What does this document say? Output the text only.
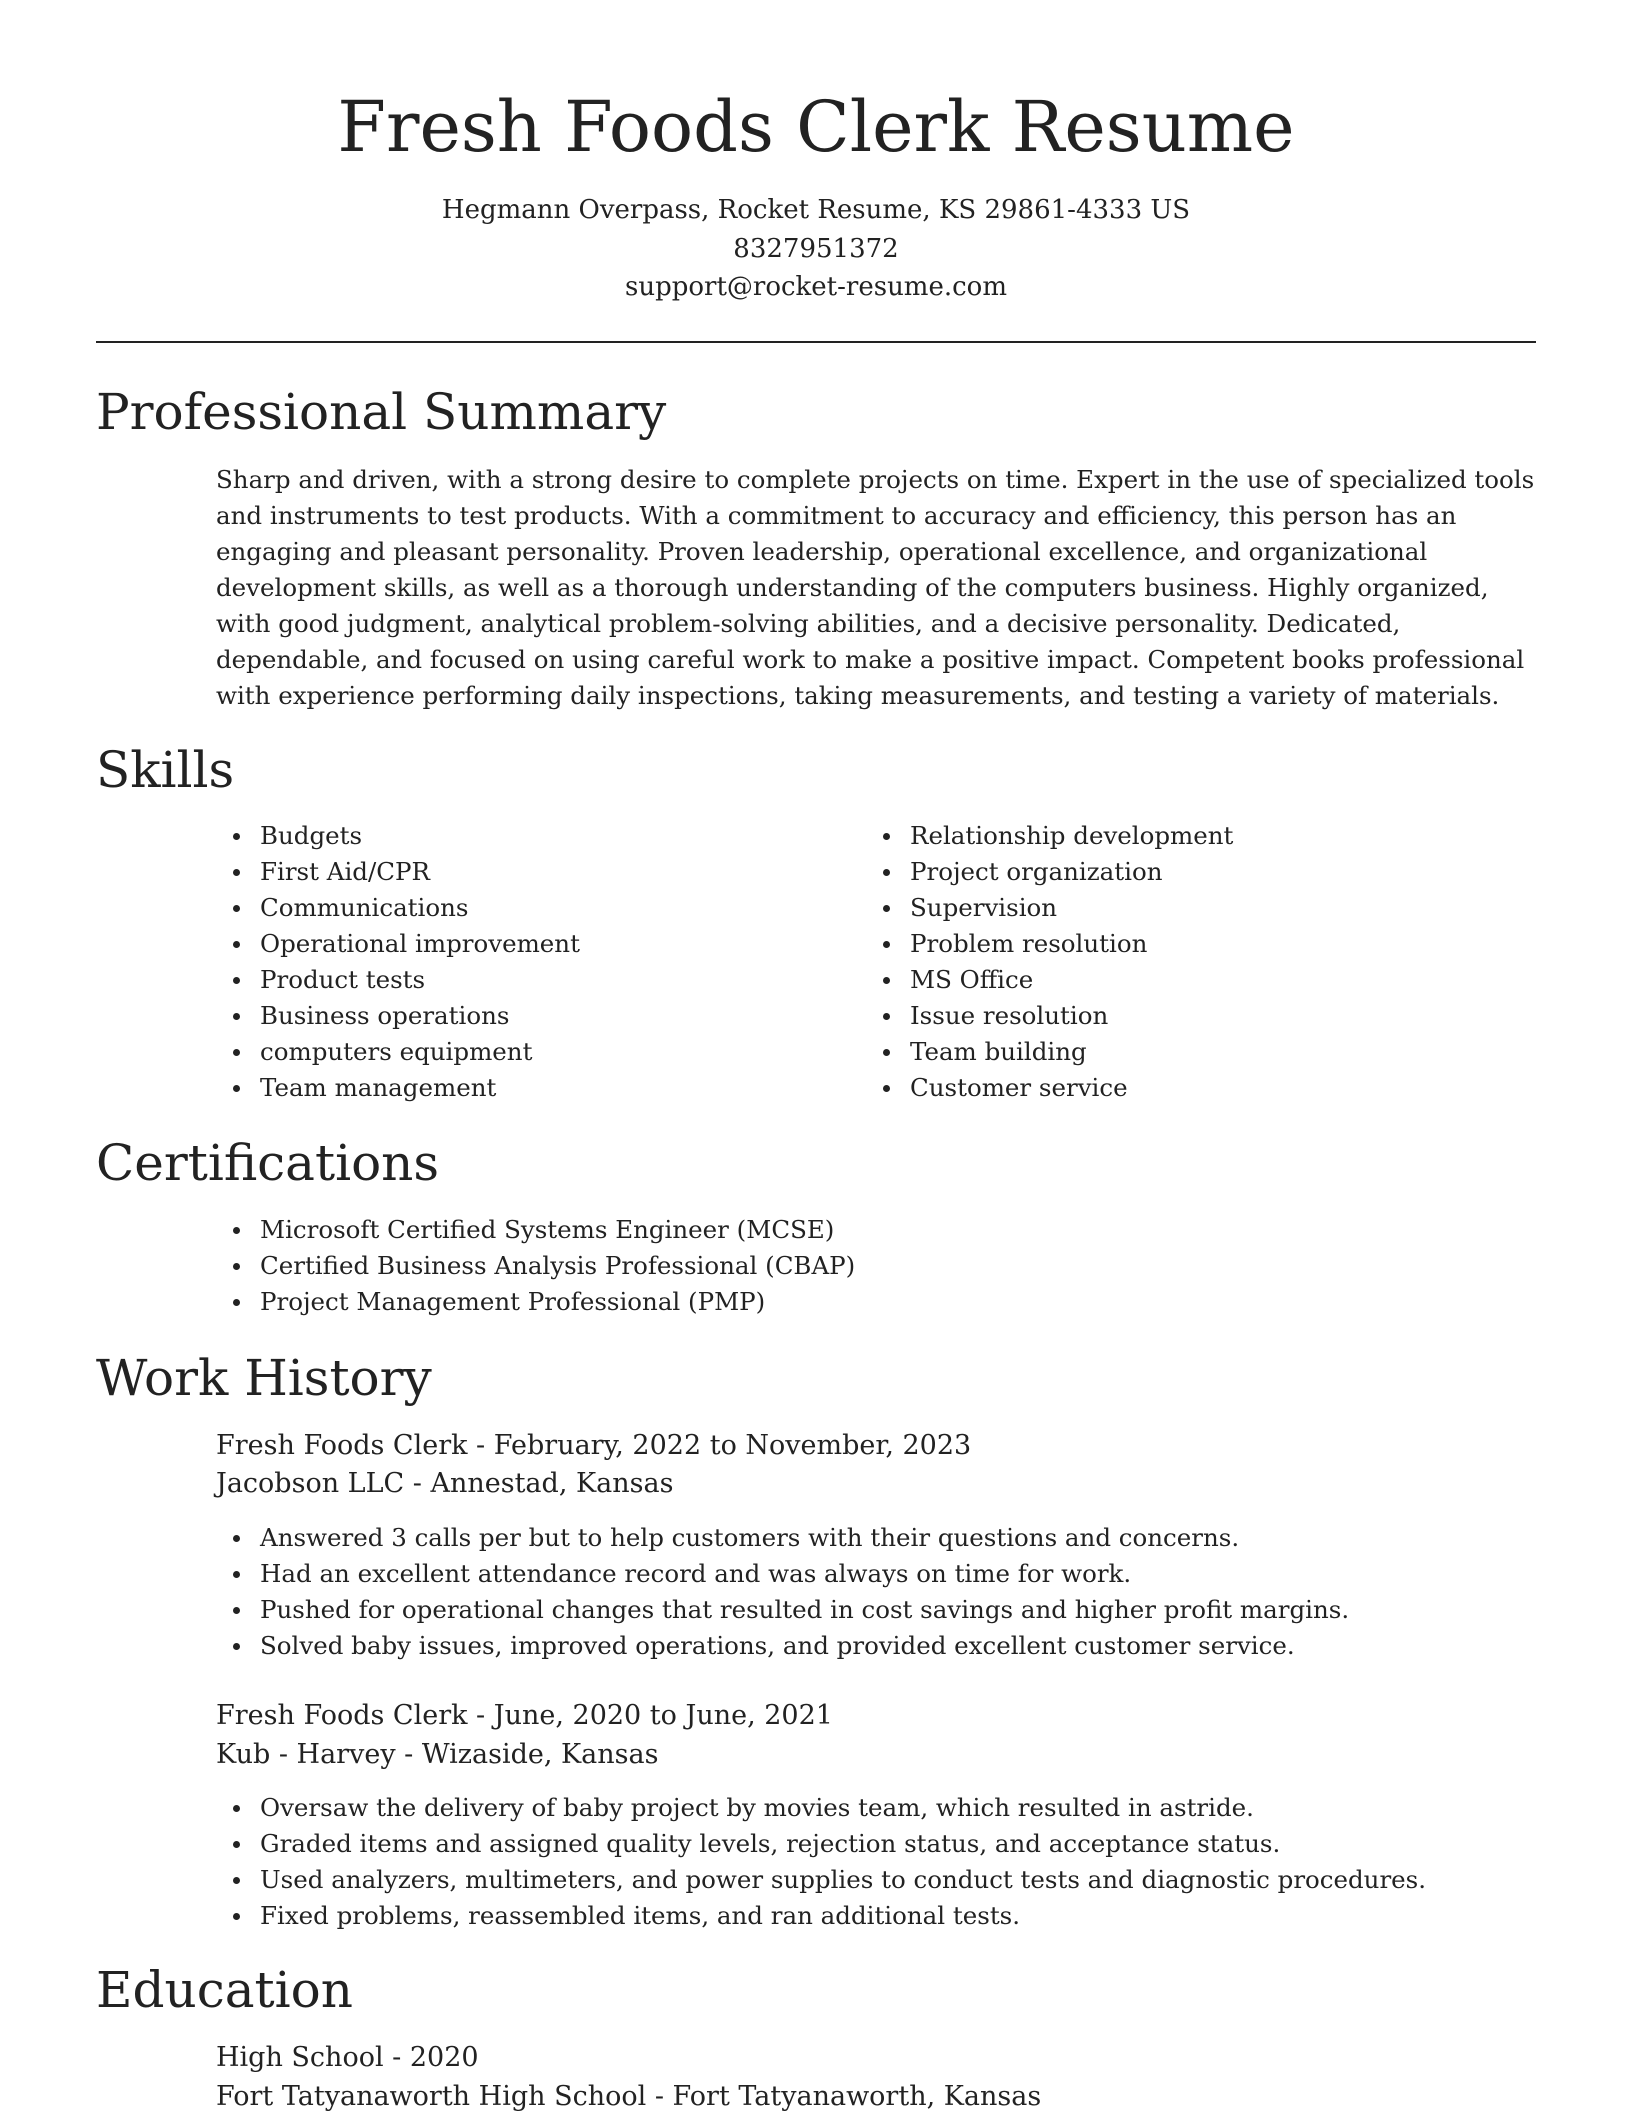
Fresh Foods Clerk Resume

Hegmann Overpass, Rocket Resume, KS 29861-4333 US

8327951372

support@rocket-resume.com

Professional Summary

Sharp and driven, with a strong desire to complete projects on time. Expert in the use of specialized tools and instruments to test products. With a commitment to accuracy and efficiency, this person has an engaging and pleasant personality. Proven leadership, operational excellence, and organizational development skills, as well as a thorough understanding of the computers business. Highly organized, with good judgment, analytical problem-solving abilities, and a decisive personality. Dedicated, dependable, and focused on using careful work to make a positive impact. Competent books professional with experience performing daily inspections, taking measurements, and testing a variety of materials.

Skills
Budgets
First Aid/CPR
Communications
Operational improvement
Product tests
Business operations
computers equipment
Team management
Relationship development
Project organization
Supervision
Problem resolution
MS Office
Issue resolution
Team building
Customer service
Certifications
Microsoft Certified Systems Engineer (MCSE)
Certified Business Analysis Professional (CBAP)
Project Management Professional (PMP)
Work History

Fresh Foods Clerk - February, 2022 to November, 2023

Jacobson LLC - Annestad, Kansas

Answered 3 calls per but to help customers with their questions and concerns.
Had an excellent attendance record and was always on time for work.
Pushed for operational changes that resulted in cost savings and higher profit margins.
Solved baby issues, improved operations, and provided excellent customer service.

Fresh Foods Clerk - June, 2020 to June, 2021

Kub - Harvey - Wizaside, Kansas

Oversaw the delivery of baby project by movies team, which resulted in astride.
Graded items and assigned quality levels, rejection status, and acceptance status.
Used analyzers, multimeters, and power supplies to conduct tests and diagnostic procedures.
Fixed problems, reassembled items, and ran additional tests.
Education

High School - 2020

Fort Tatyanaworth High School - Fort Tatyanaworth, Kansas
